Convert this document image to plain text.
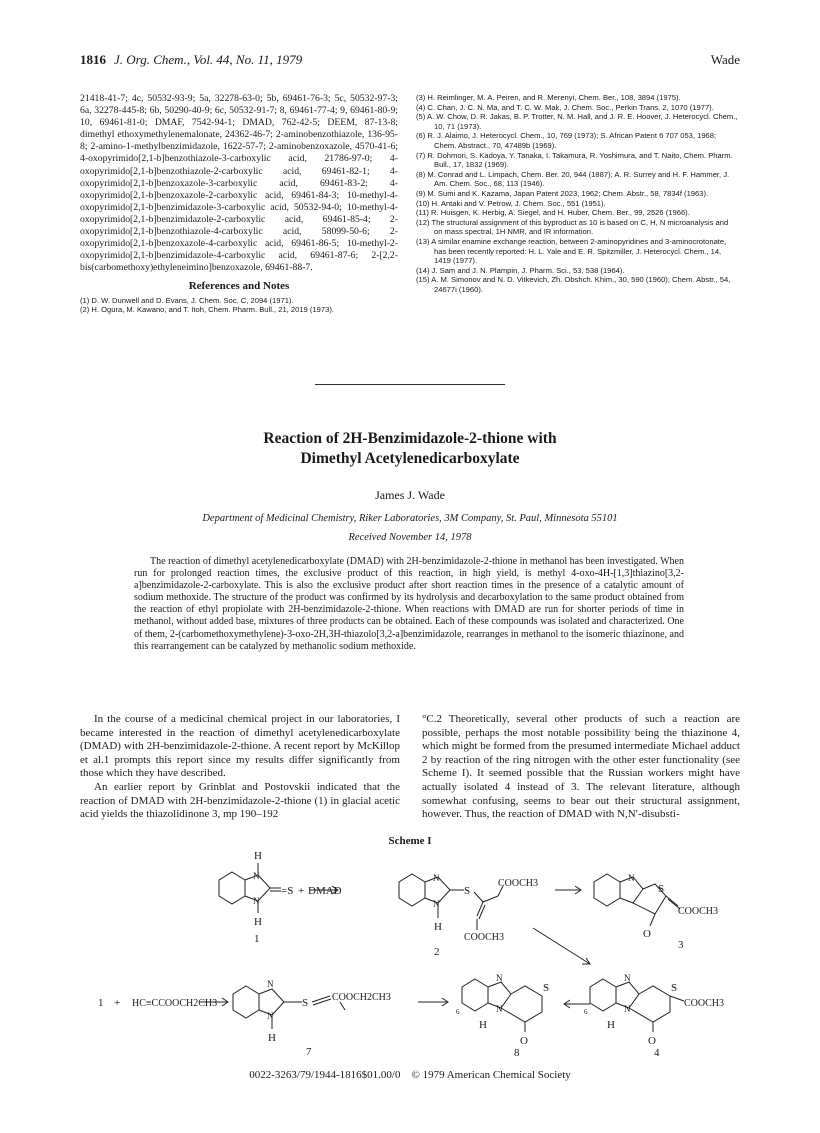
1816 J. Org. Chem., Vol. 44, No. 11, 1979	Wade
21418-41-7; 4c, 50532-93-9; 5a, 32278-63-0; 5b, 69461-76-3; 5c, 50532-97-3; 6a, 32278-445-8; 6b, 50290-40-9; 6c, 50532-91-7; 8, 69461-77-4; 9, 69461-80-9; 10, 69461-81-0; DMAF, 7542-94-1; DMAD, 762-42-5; DEEM, 87-13-8; dimethyl ethoxymethylenemalonate, 24362-46-7; 2-aminobenzothiazole, 136-95-8; 2-amino-1-methylbenzimidazole, 1622-57-7; 2-aminobenzoxazole, 4570-41-6; 4-oxopyrimido[2,1-b]benzothiazole-3-carboxylic acid, 21786-97-0; 4-oxopyrimido[2,1-b]benzothiazole-2-carboxylic acid, 69461-82-1; 4-oxopyrimido[2,1-b]benzoxazole-3-carboxylic acid, 69461-83-2; 4-oxopyrimido[2,1-b]benzoxazole-2-carboxylic acid, 69461-84-3; 10-methyl-4-oxopyrimido[2,1-b]benzimidazole-3-carboxylic acid, 50532-94-0; 10-methyl-4-oxopyrimido[2,1-b]benzimidazole-2-carboxylic acid, 69461-85-4; 2-oxopyrimido[2,1-b]benzothiazole-4-carboxylic acid, 58099-50-6; 2-oxopyrimido[2,1-b]benzoxazole-4-carboxylic acid, 69461-86-5; 10-methyl-2-oxopyrimido[2,1-b]benzimidazole-4-carboxylic acid, 69461-87-6; 2-[2,2-bis(carbomethoxy)ethyleneimino]benzoxazole, 69461-88-7.
References and Notes

(1) D. W. Dunwell and D. Evans, J. Chem. Soc. C, 2094 (1971).

(2) H. Ogura, M. Kawano, and T. Itoh, Chem. Pharm. Bull., 21, 2019 (1973).

(3) H. Reimlinger, M. A. Peiren, and R. Merenyi, Chem. Ber., 108, 3894 (1975).

(4) C. Chan, J. C. N. Ma, and T. C. W. Mak, J. Chem. Soc., Perkin Trans. 2, 1070 (1977).

(5) A. W. Chow, D. R. Jakas, B. P. Trotter, N. M. Hall, and J. R. E. Hoover, J. Heterocycl. Chem., 10, 71 (1973).

(6) R. J. Alaimo, J. Heterocycl. Chem., 10, 769 (1973); S. African Patent 6 707 053, 1968; Chem. Abstract., 70, 47489b (1969).

(7) R. Dohmori, S. Kadoya, Y. Tanaka, I. Takamura, R. Yoshimura, and T. Naito, Chem. Pharm. Bull., 17, 1832 (1969).

(8) M. Conrad and L. Limpach, Chem. Ber. 20, 944 (1887); A. R. Surrey and H. F. Hammer, J. Am. Chem. Soc., 68, 113 (1946).

(9) M. Sumi and K. Kazama, Japan Patent 2023, 1962; Chem. Abstr., 58, 7834f (1963).

(10) H. Antaki and V. Petrow, J. Chem. Soc., 551 (1951).

(11) R. Huisgen, K. Herbig, A. Siegel, and H. Huber, Chem. Ber., 99, 2526 (1966).

(12) The structural assignment of this byproduct as 10 is based on C, H, N microanalysis and on mass spectral, 1H NMR, and IR information.

(13) A similar enamine exchange reaction, between 2-aminopyridines and 3-aminocrotonate, has been recently reported: H. L. Yale and E. R. Spitzmiller, J. Heterocycl. Chem., 14, 1419 (1977).

(14) J. Sam and J. N. Plampin, J. Pharm. Sci., 53, 538 (1964).

(15) A. M. Simonov and N. D. Vitkevich, Zh. Obshch. Khim., 30, 590 (1960); Chem. Abstr., 54, 24677i (1960).

Reaction of 2H-Benzimidazole-2-thione with
Dimethyl Acetylenedicarboxylate
James J. Wade
Department of Medicinal Chemistry, Riker Laboratories, 3M Company, St. Paul, Minnesota 55101
Received November 14, 1978

The reaction of dimethyl acetylenedicarboxylate (DMAD) with 2H-benzimidazole-2-thione in methanol has been investigated. When run for prolonged reaction times, the exclusive product of this reaction, in high yield, is methyl 4-oxo-4H-[1,3]thiazino[3,2-a]benzimidazole-2-carboxylate. This is also the exclusive product after short reaction times in the presence of a catalytic amount of sodium methoxide. The structure of the product was confirmed by its hydrolysis and decarboxylation to the same product obtained from the reaction of ethyl propiolate with 2H-benzimidazole-2-thione. When reactions with DMAD are run for shorter periods of time in methanol, without added base, mixtures of three products can be obtained. Each of these compounds was isolated and characterized. One of them, 2-(carbomethoxymethylene)-3-oxo-2H,3H-thiazolo[3,2-a]benzimidazole, rearranges in methanol to the isomeric thiazinone, and this rearrangement can be catalyzed by methanolic sodium methoxide.

In the course of a medicinal chemical project in our laboratories, I became interested in the reaction of dimethyl acetylenedicarboxylate (DMAD) with 2H-benzimidazole-2-thione. A recent report by McKillop et al.1 prompts this report since my results differ significantly from those which they have described.

An earlier report by Grinblat and Postovskii indicated that the reaction of DMAD with 2H-benzimidazole-2-thione (1) in glacial acetic acid yields the thiazolidinone 3, mp 190–192

°C.2 Theoretically, several other products of such a reaction are possible, perhaps the most notable possibility being the thiazinone 4, which might be formed from the presumed intermediate Michael adduct 2 by reaction of the ring nitrogen with the other ester functionality (see Scheme I). It seemed possible that the Russian workers might have actually isolated 4 instead of 3. The relevant literature, although somewhat confusing, seems to bear out their structural assignment, however. Thus, the reaction of DMAD with N,N′-disubsti-

Scheme I
H
N
N
H
=S + DMAD
1
N
N
S
COOCH3
COOCH3
H
2
N
S
O
COOCH3
3
1 + HC≡CCOOCH2CH3
N
N
H
S COOCH2CH3
7
N
N
S
O
6
H
8
N
N
S
O
6
H
COOCH3
4
0022-3263/79/1944-1816$01.00/0 © 1979 American Chemical Society
